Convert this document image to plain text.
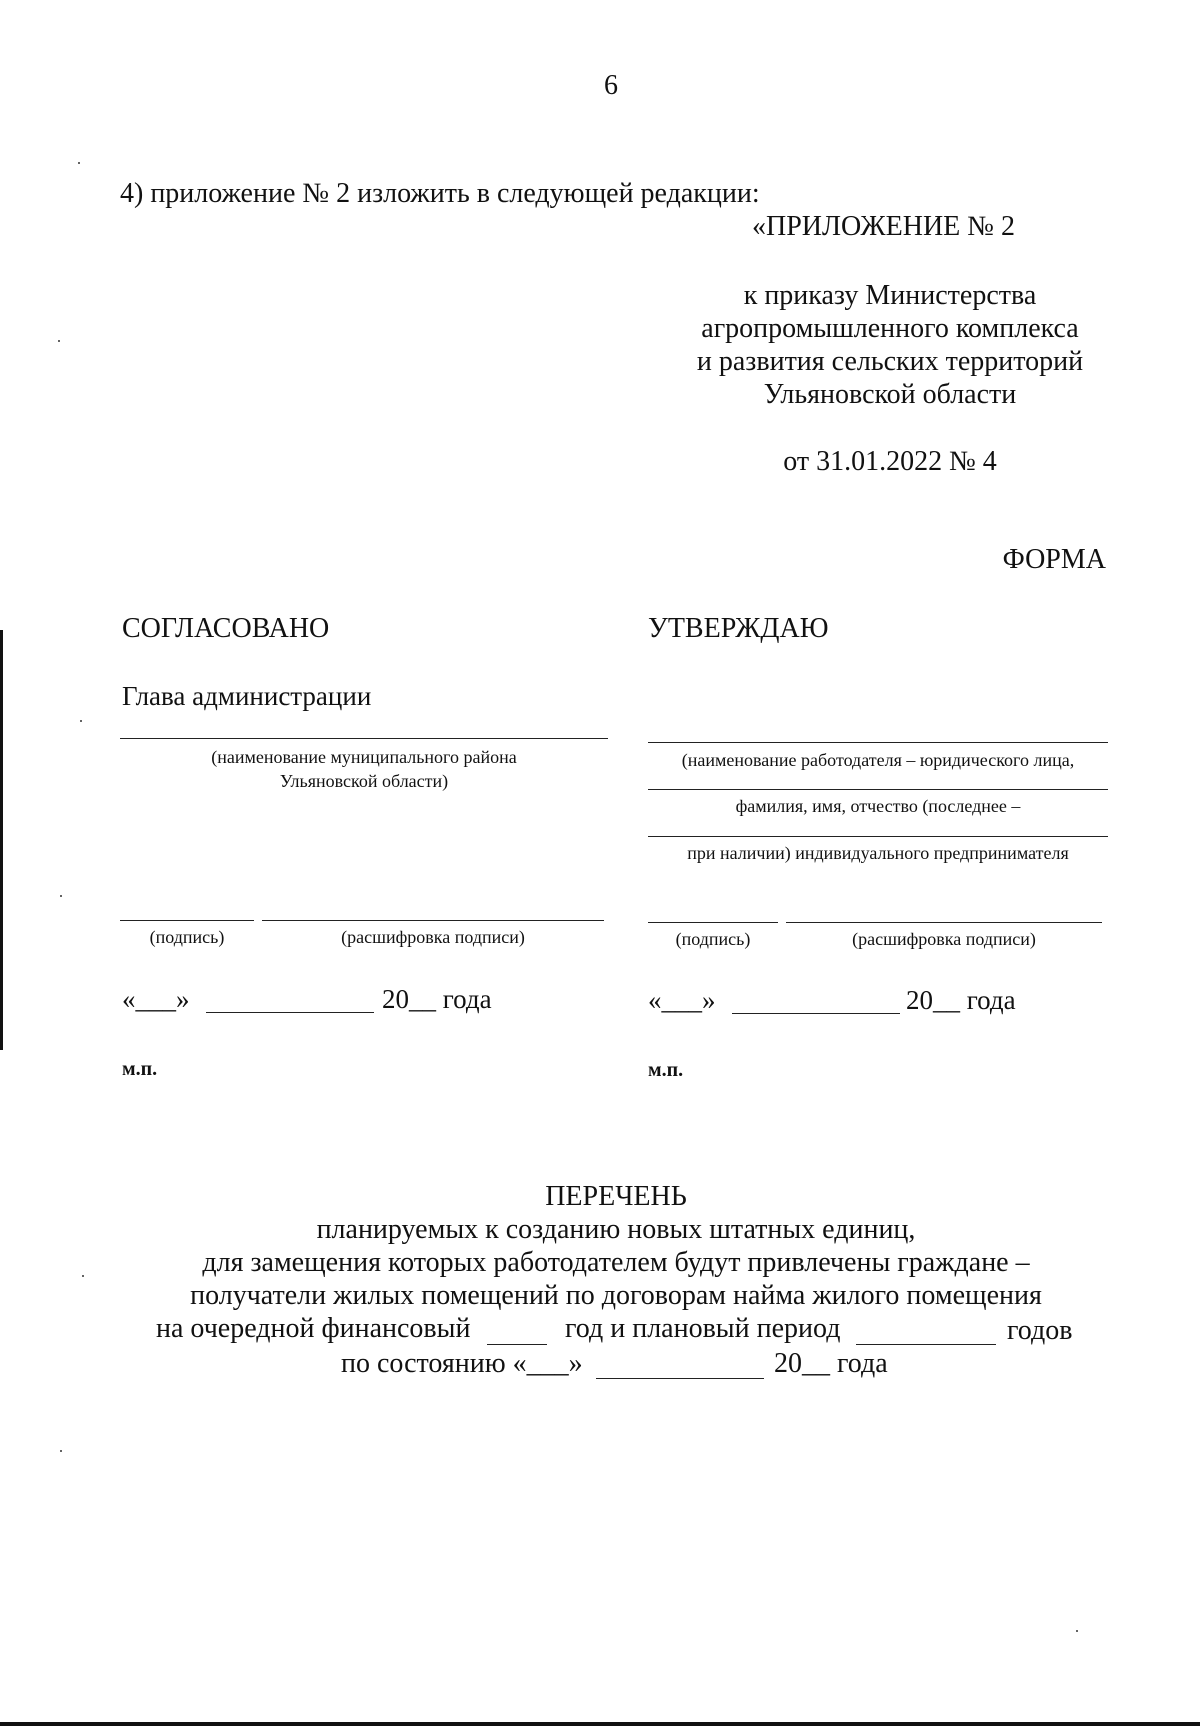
6
4) приложение № 2 изложить в следующей редакции:
«ПРИЛОЖЕНИЕ № 2
к приказу Министерства
агропромышленного комплекса
и развития сельских территорий
Ульяновской области
от 31.01.2022 № 4
ФОРМА
СОГЛАСОВАНО
Глава администрации
(наименование муниципального района
Ульяновской области)
(подпись)	(расшифровка подписи)
«___»	20__ года
м.п.
УТВЕРЖДАЮ
(наименование работодателя – юридического лица,
фамилия, имя, отчество (последнее –
при наличии) индивидуального предпринимателя
(подпись)	(расшифровка подписи)
«___»	20__ года
м.п.
ПЕРЕЧЕНЬ
планируемых к созданию новых штатных единиц,
для замещения которых работодателем будут привлечены граждане –
получатели жилых помещений по договорам найма жилого помещения
на очередной финансовый	год и плановый период	годов
по состоянию «___»	20__ года
